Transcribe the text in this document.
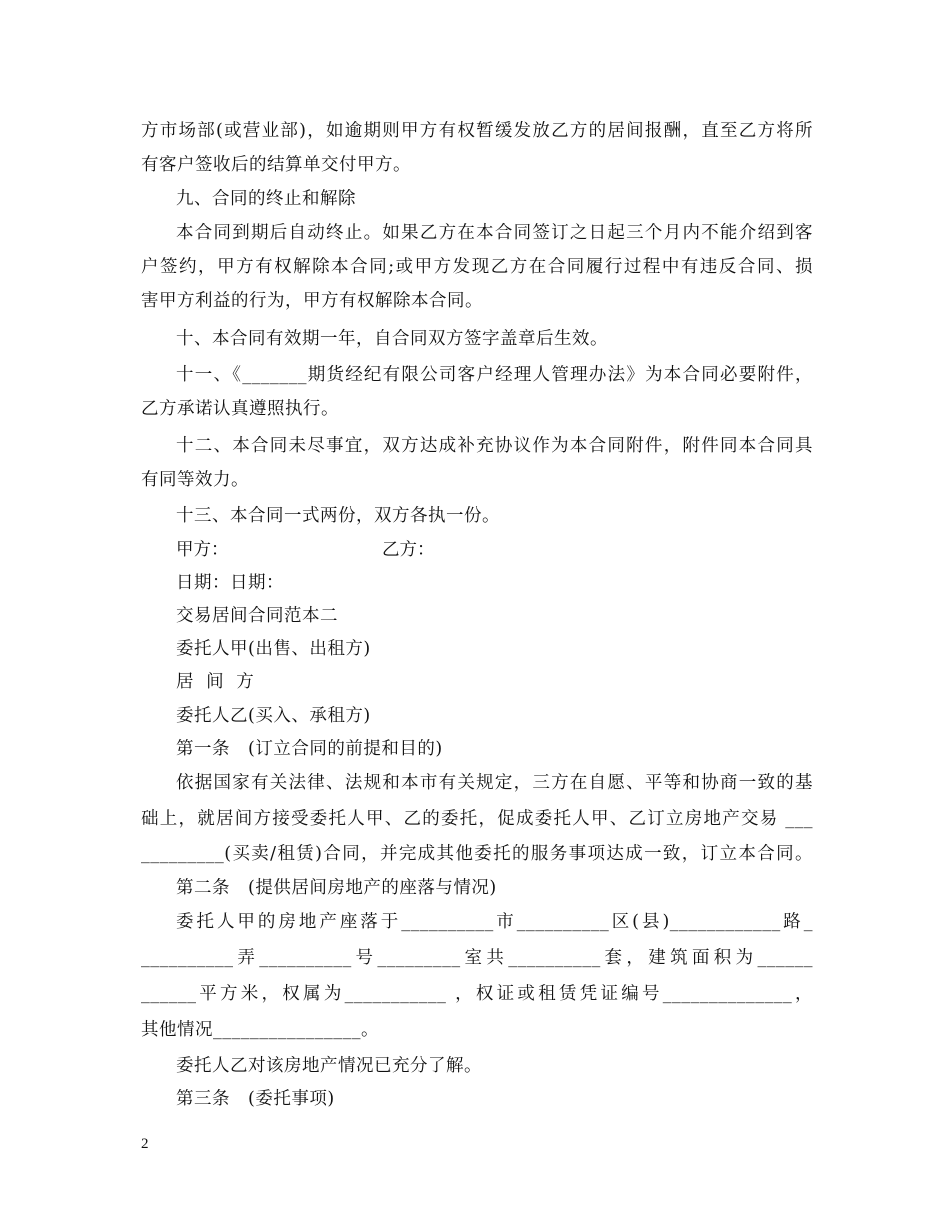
方市场部(或营业部)，如逾期则甲方有权暂缓发放乙方的居间报酬，直至乙方将所
有客户签收后的结算单交付甲方。
九、合同的终止和解除
本合同到期后自动终止。如果乙方在本合同签订之日起三个月内不能介绍到客
户签约，甲方有权解除本合同;或甲方发现乙方在合同履行过程中有违反合同、损
害甲方利益的行为，甲方有权解除本合同。
十、本合同有效期一年，自合同双方签字盖章后生效。
十一、《_______期货经纪有限公司客户经理人管理办法》为本合同必要附件，
乙方承诺认真遵照执行。
十二、本合同未尽事宜，双方达成补充协议作为本合同附件，附件同本合同具
有同等效力。
十三、本合同一式两份，双方各执一份。
甲方：	乙方：
日期：日期：
交易居间合同范本二
委托人甲(出售、出租方)
居  间  方
委托人乙(买入、承租方)
第一条　(订立合同的前提和目的)
依据国家有关法律、法规和本市有关规定，三方在自愿、平等和协商一致的基
础上，就居间方接受委托人甲、乙的委托，促成委托人甲、乙订立房地产交易 ___
_________(买卖/租赁)合同，并完成其他委托的服务事项达成一致，订立本合同。
第二条　(提供居间房地产的座落与情况)
委托人甲的房地产座落于__________市__________区(县)____________路_
__________弄__________号_________室共__________套，建筑面积为______
______平方米，权属为___________ ，权证或租赁凭证编号______________，
其他情况________________。
委托人乙对该房地产情况已充分了解。
第三条　(委托事项)
2
